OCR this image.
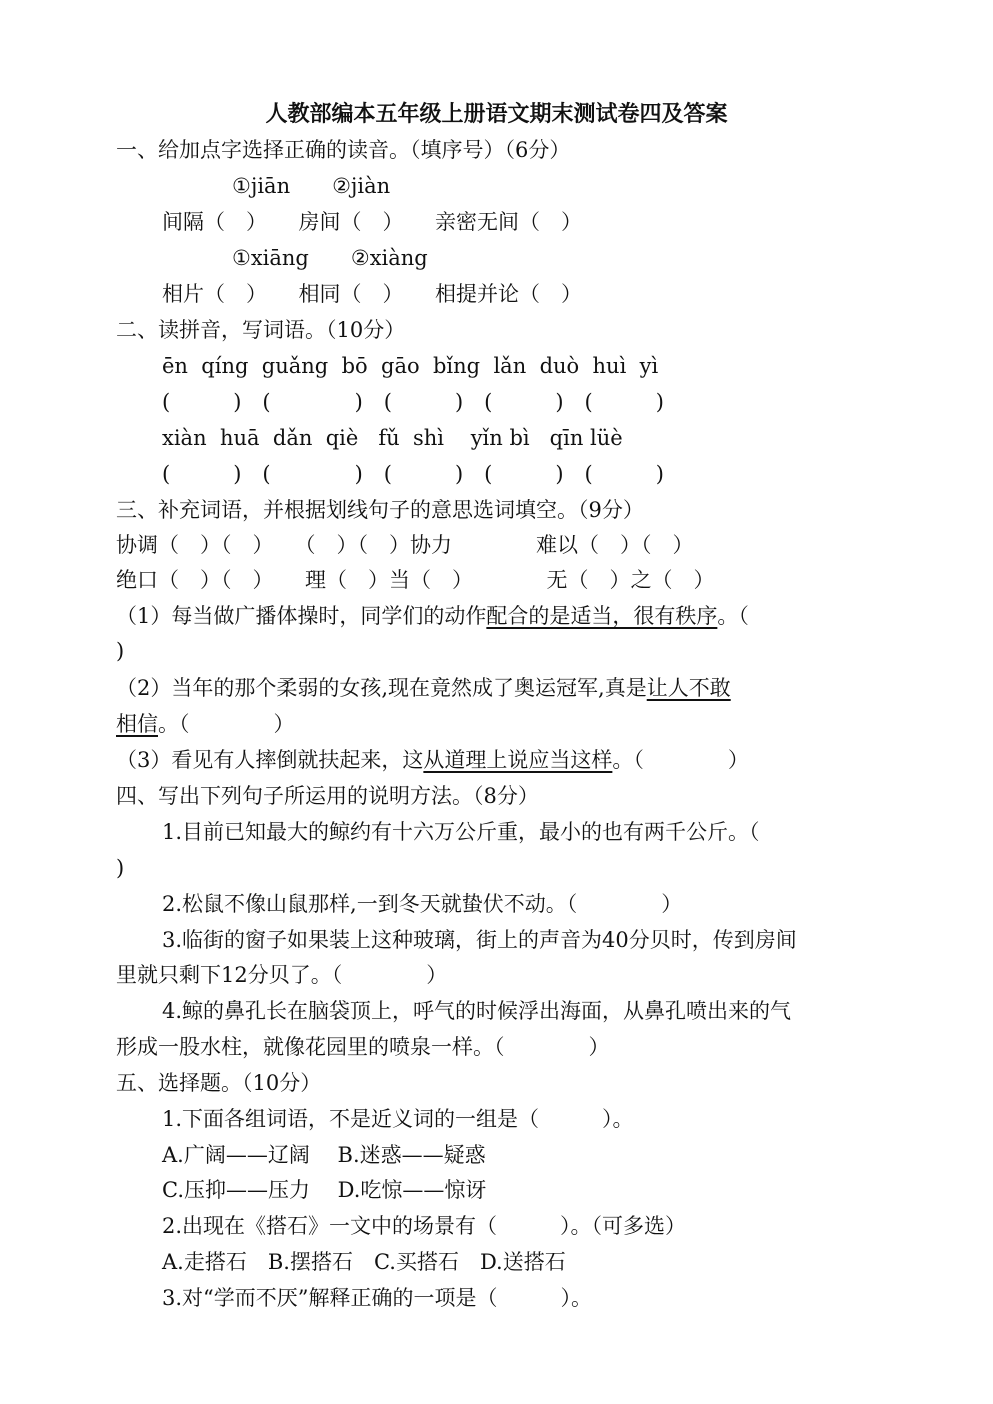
人教部编本五年级上册语文期末测试卷四及答案
一、给加点字选择正确的读音。（填序号）（6分）
①jiān　　②jiàn
间隔（　）　　房间（　）　　亲密无间（　）
①xiāng　　②xiàng
相片（　）　　相同（　）　　相提并论（　）
二、读拼音，写词语。（10分）
ēn  qíng  guǎng  bō  gāo  bǐng  lǎn  duò  huì  yì
(　　　)　(　　　　)　(　　　)　(　　　)　(　　　)
xiàn  huā  dǎn  qiè   fǔ  shì    yǐn bì   qīn lüè
(　　　)　(　　　　)　(　　　)　(　　　)　(　　　)
三、补充词语，并根据划线句子的意思选词填空。（9分）
协调（　）（　）　　（　）（　）协力　　　　难以（　）（　）
绝口（　）（　）　　理（　）当（　）　　　　无（　）之（　）
（1）每当做广播体操时，同学们的动作配合的是适当，很有秩序。（
)
（2）当年的那个柔弱的女孩,现在竟然成了奥运冠军,真是让人不敢
相信。（　　　　）
（3）看见有人摔倒就扶起来，这从道理上说应当这样。（　　　　）
四、写出下列句子所运用的说明方法。（8分）
1.目前已知最大的鲸约有十六万公斤重，最小的也有两千公斤。（
)
2.松鼠不像山鼠那样,一到冬天就蛰伏不动。（　　　　）
3.临街的窗子如果装上这种玻璃，街上的声音为40分贝时，传到房间
里就只剩下12分贝了。（　　　　）
4.鲸的鼻孔长在脑袋顶上，呼气的时候浮出海面，从鼻孔喷出来的气
形成一股水柱，就像花园里的喷泉一样。（　　　　）
五、选择题。（10分）
1.下面各组词语，不是近义词的一组是（　　　）。
A.广阔——辽阔　 B.迷惑——疑惑
C.压抑——压力　 D.吃惊——惊讶
2.出现在《搭石》一文中的场景有（　　　）。（可多选）
A.走搭石　B.摆搭石　C.买搭石　D.送搭石
3.对“学而不厌”解释正确的一项是（　　　）。
